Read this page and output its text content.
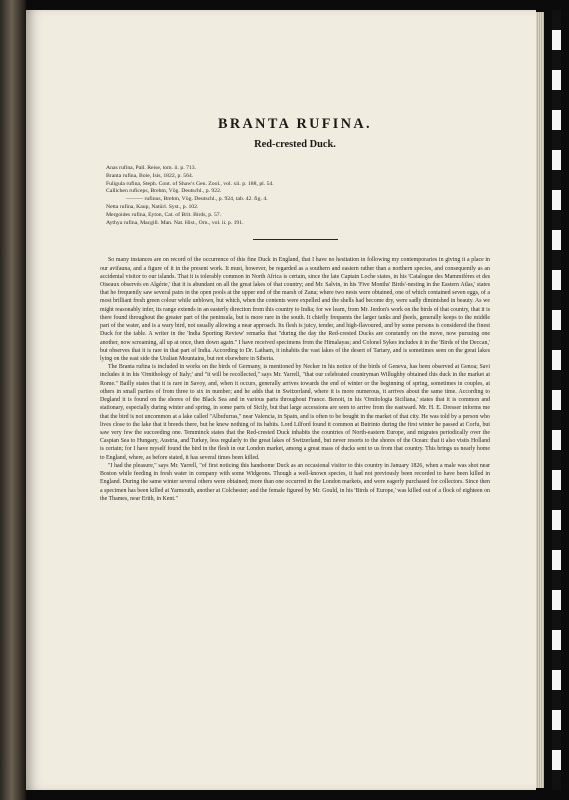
BRANTA RUFINA.
Red-crested Duck.
Anas rufina, Pall. Reise, tom. ii. p. 713.
Branta rufina, Boie, Isis, 1822, p. 564.
Fuligula rufina, Steph. Cont. of Shaw's Gen. Zool., vol. xii. p. 188, pl. 54.
Callichen ruficeps, Brehm, Vög. Deutschl., p. 922.
——— rufinus, Brehm, Vög. Deutschl., p. 924, tab. 42. fig. 4.
Netta rufina, Kaup, Natürl. Syst., p. 102.
Mergoides rufina, Eyton, Cat. of Brit. Birds, p. 57.
Aythya rufina, Macgill. Man. Nat. Hist., Orn., vol. ii. p. 191.

So many instances are on record of the occurrence of this fine Duck in England, that I have no hesitation in following my contemporaries in giving it a place in our avifauna, and a figure of it in the present work. It must, however, be regarded as a southern and eastern rather than a northern species, and consequently as an accidental visitor to our islands. That it is tolerably common in North Africa is certain, since the late Captain Loche states, in his 'Catalogue des Mammifères et des Oiseaux observés en Algérie,' that it is abundant on all the great lakes of that country; and Mr. Salvin, in his 'Five Months' Birds'-nesting in the Eastern Atlas,' states that he frequently saw several pairs in the open pools at the upper end of the marsh of Zana; where two nests were obtained, one of which contained seven eggs, of a most brilliant fresh green colour while unblown, but which, when the contents were expelled and the shells had become dry, were sadly diminished in beauty. As we might reasonably infer, its range extends in an easterly direction from this country to India; for we learn, from Mr. Jerdon's work on the birds of that country, that it is there found throughout the greater part of the peninsula, but is more rare in the south. It chiefly frequents the larger tanks and jheels, generally keeps to the middle part of the water, and is a wary bird, not usually allowing a near approach. Its flesh is juicy, tender, and high-flavoured, and by some persons is considered the finest Duck for the table. A writer in the 'India Sporting Review' remarks that "during the day the Red-crested Ducks are constantly on the move, now pursuing one another, now screaming, all up at once, then down again." I have received specimens from the Himalayas; and Colonel Sykes includes it in the 'Birds of the Deccan,' but observes that it is rare in that part of India. According to Dr. Latham, it inhabits the vast lakes of the desert of Tartary, and is sometimes seen on the great lakes lying on the east side the Uralian Mountains, but not elsewhere in Siberia.

The Branta rufina is included in works on the birds of Germany, is mentioned by Necker in his notice of the birds of Geneva, has been observed at Genoa; Savi includes it in his 'Ornithology of Italy;' and "it will be recollected," says Mr. Yarrell, "that our celebrated countryman Willughby obtained this duck in the market at Rome." Bailly states that it is rare in Savoy, and, when it occurs, generally arrives towards the end of winter or the beginning of spring, sometimes in couples, at others in small parties of from three to six in number; and he adds that in Switzerland, where it is more numerous, it arrives about the same time. According to Degland it is found on the shores of the Black Sea and in various parts throughout France. Benoit, in his 'Ornitologia Siciliana,' states that it is common and stationary, especially during winter and spring, in some parts of Sicily, but that large accessions are seen to arrive from the eastward. Mr. H. E. Dresser informs me that the bird is not uncommon at a lake called "Albufurras," near Valencia, in Spain, and is often to be bought in the market of that city. He was told by a person who lives close to the lake that it breeds there, but he knew nothing of its habits. Lord Lilford found it common at Butrinto during the first winter he passed at Corfu, but saw very few the succeeding one. Temminck states that the Red-crested Duck inhabits the countries of North-eastern Europe, and migrates periodically over the Caspian Sea to Hungary, Austria, and Turkey, less regularly to the great lakes of Switzerland, but never resorts to the shores of the Ocean: that it also visits Holland is certain; for I have myself found the bird in the flesh in our London market, among a great mass of ducks sent to us from that country. This brings us nearly home to England, where, as before stated, it has several times been killed.

"I had the pleasure," says Mr. Yarrell, "of first noticing this handsome Duck as an occasional visitor to this country in January 1826, when a male was shot near Boston while feeding in fresh water in company with some Widgeons. Though a well-known species, it had not previously been recorded to have been killed in England. During the same winter several others were obtained; more than one occurred in the London markets, and were eagerly purchased for collectors. Since then a specimen has been killed at Yarmouth, another at Colchester; and the female figured by Mr. Gould, in his 'Birds of Europe,' was killed out of a flock of eighteen on the Thames, near Erith, in Kent."
